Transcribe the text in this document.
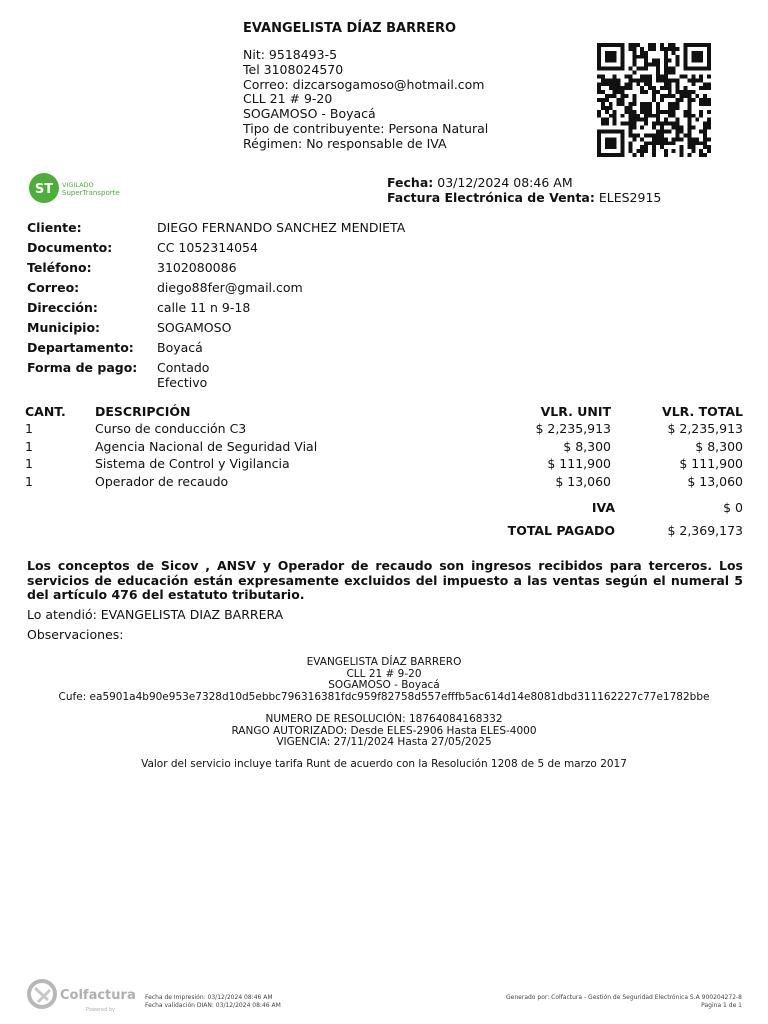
EVANGELISTA DÍAZ BARRERO
Nit: 9518493-5
Tel 3108024570
Correo: dizcarsogamoso@hotmail.com
CLL 21 # 9-20
SOGAMOSO - Boyacá
Tipo de contribuyente: Persona Natural
Régimen: No responsable de IVA
ST VIGILADO
SuperTransporte
Fecha: 03/12/2024 08:46 AM
Factura Electrónica de Venta: ELES2915
Cliente:	DIEGO FERNANDO SANCHEZ MENDIETA
Documento:	CC 1052314054
Teléfono:	3102080086
Correo:	diego88fer@gmail.com
Dirección:	calle 11 n 9-18
Municipio:	SOGAMOSO
Departamento:	Boyacá
Forma de pago:	Contado
Efectivo
CANT.	DESCRIPCIÓN	VLR. UNIT	VLR. TOTAL
1	Curso de conducción C3	$ 2,235,913	$ 2,235,913
1	Agencia Nacional de Seguridad Vial	$ 8,300	$ 8,300
1	Sistema de Control y Vigilancia	$ 111,900	$ 111,900
1	Operador de recaudo	$ 13,060	$ 13,060
IVA	$ 0
TOTAL PAGADO	$ 2,369,173
Los conceptos de Sicov , ANSV y Operador de recaudo son ingresos recibidos para terceros. Los servicios de educación están expresamente excluidos del impuesto a las ventas según el numeral 5 del artículo 476 del estatuto tributario.
Lo atendió: EVANGELISTA DIAZ BARRERA
Observaciones:
EVANGELISTA DÍAZ BARRERO
CLL 21 # 9-20
SOGAMOSO - Boyacá
Cufe: ea5901a4b90e953e7328d10d5ebbc796316381fdc959f82758d557efffb5ac614d14e8081dbd311162227c77e1782bbe
NUMERO DE RESOLUCIÓN: 18764084168332
RANGO AUTORIZADO: Desde ELES-2906 Hasta ELES-4000
VIGENCIA: 27/11/2024 Hasta 27/05/2025
Valor del servicio incluye tarifa Runt de acuerdo con la Resolución 1208 de 5 de marzo 2017
Colfactura
Powered by
Fecha de Impresión: 03/12/2024 08:46 AM
Fecha validación DIAN: 03/12/2024 08:46 AM
Generado por: Colfactura - Gestión de Seguridad Electrónica S.A 900204272-8
Pagina 1 de 1
